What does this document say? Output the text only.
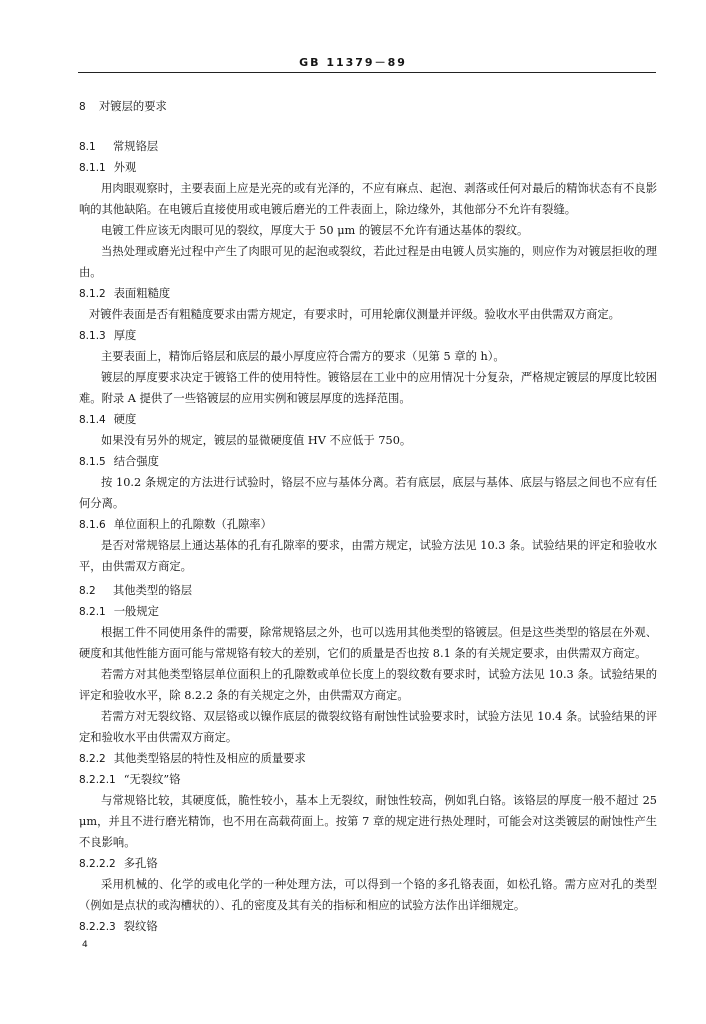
GB 11379－89
8 对镀层的要求
8.1 常规铬层
8.1.1 外观

用肉眼观察时，主要表面上应是光亮的或有光泽的，不应有麻点、起泡、剥落或任何对最后的精饰状态有不良影响的其他缺陷。在电镀后直接使用或电镀后磨光的工件表面上，除边缘外，其他部分不允许有裂缝。

电镀工件应该无肉眼可见的裂纹，厚度大于 50 μm 的镀层不允许有通达基体的裂纹。

当热处理或磨光过程中产生了肉眼可见的起泡或裂纹，若此过程是由电镀人员实施的，则应作为对镀层拒收的理由。

8.1.2 表面粗糙度

对镀件表面是否有粗糙度要求由需方规定，有要求时，可用轮廓仪测量并评级。验收水平由供需双方商定。

8.1.3 厚度

主要表面上，精饰后铬层和底层的最小厚度应符合需方的要求（见第 5 章的 h）。

镀层的厚度要求决定于镀铬工件的使用特性。镀铬层在工业中的应用情况十分复杂，严格规定镀层的厚度比较困难。附录 A 提供了一些铬镀层的应用实例和镀层厚度的选择范围。

8.1.4 硬度

如果没有另外的规定，镀层的显微硬度值 HV 不应低于 750。

8.1.5 结合强度

按 10.2 条规定的方法进行试验时，铬层不应与基体分离。若有底层，底层与基体、底层与铬层之间也不应有任何分离。

8.1.6 单位面积上的孔隙数（孔隙率）

是否对常规铬层上通达基体的孔有孔隙率的要求，由需方规定，试验方法见 10.3 条。试验结果的评定和验收水平，由供需双方商定。

8.2 其他类型的铬层
8.2.1 一般规定

根据工件不同使用条件的需要，除常规铬层之外，也可以选用其他类型的铬镀层。但是这些类型的铬层在外观、硬度和其他性能方面可能与常规铬有较大的差别，它们的质量是否也按 8.1 条的有关规定要求，由供需双方商定。

若需方对其他类型铬层单位面积上的孔隙数或单位长度上的裂纹数有要求时，试验方法见 10.3 条。试验结果的评定和验收水平，除 8.2.2 条的有关规定之外，由供需双方商定。

若需方对无裂纹铬、双层铬或以镍作底层的微裂纹铬有耐蚀性试验要求时，试验方法见 10.4 条。试验结果的评定和验收水平由供需双方商定。

8.2.2 其他类型铬层的特性及相应的质量要求
8.2.2.1 “无裂纹”铬

与常规铬比较，其硬度低，脆性较小，基本上无裂纹，耐蚀性较高，例如乳白铬。该铬层的厚度一般不超过 25 μm，并且不进行磨光精饰，也不用在高载荷面上。按第 7 章的规定进行热处理时，可能会对这类镀层的耐蚀性产生不良影响。

8.2.2.2 多孔铬

采用机械的、化学的或电化学的一种处理方法，可以得到一个铬的多孔铬表面，如松孔铬。需方应对孔的类型（例如是点状的或沟槽状的）、孔的密度及其有关的指标和相应的试验方法作出详细规定。

8.2.2.3 裂纹铬
4
